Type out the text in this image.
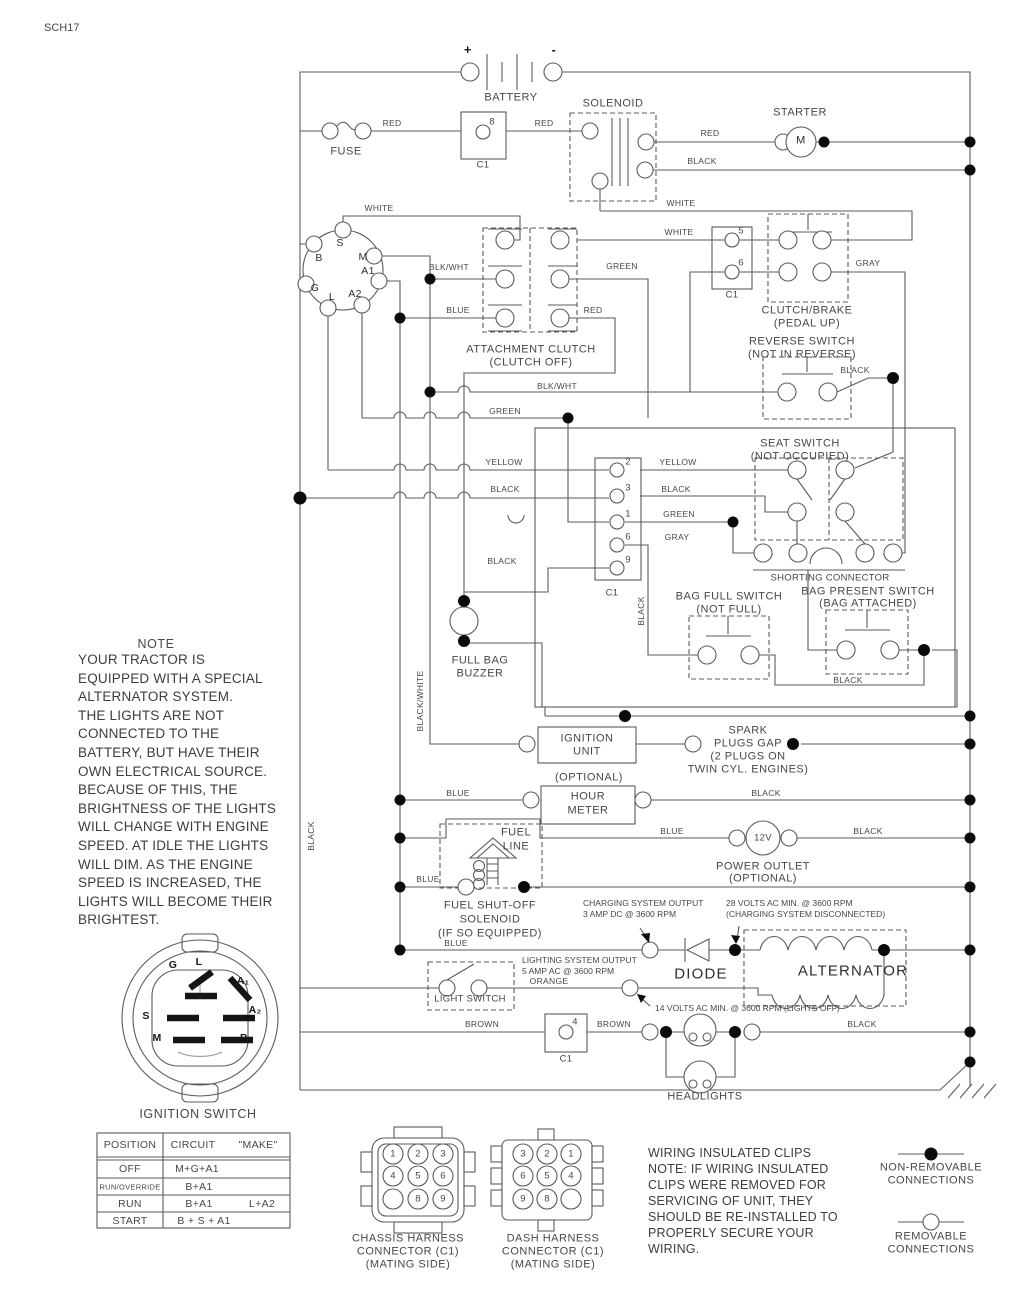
SCH17
+	-
BATTERY	SOLENOID
STARTER
M
FUSE
8
C1
RED	RED
RED
BLACK
WHITE	WHITE
WHITE
S
B	M
A1
G
L A2
BLK/WHT
BLUE
GREEN
RED
ATTACHMENT CLUTCH
(CLUTCH OFF)
5
6
C1
CLUTCH/BRAKE
(PEDAL UP)
GRAY
REVERSE SWITCH
(NOT IN REVERSE)
BLACK
BLK/WHT
GREEN
SEAT SWITCH
(NOT OCCUPIED)
YELLOW	YELLOW
BLACK	BLACK
GREEN
GRAY
2
3
1
6
9
C1
SHORTING CONNECTOR
BLACK
BLACK	BAG FULL SWITCH
(NOT FULL)
BAG PRESENT SWITCH
(BAG ATTACHED)
BLACK
FULL BAG
BUZZER
NOTE
YOUR TRACTOR IS
EQUIPPED WITH A SPECIAL
ALTERNATOR SYSTEM.
THE LIGHTS ARE NOT
CONNECTED TO THE
BATTERY, BUT HAVE THEIR
OWN ELECTRICAL SOURCE.
BECAUSE OF THIS, THE
BRIGHTNESS OF THE LIGHTS
WILL CHANGE WITH ENGINE
SPEED. AT IDLE THE LIGHTS
WILL DIM. AS THE ENGINE
SPEED IS INCREASED, THE
LIGHTS WILL BECOME THEIR
BRIGHTEST.
BLACK
BLACK/WHITE
IGNITION
UNIT
SPARK
PLUGS GAP
(2 PLUGS ON
TWIN CYL. ENGINES)
(OPTIONAL)
HOUR
METER
BLUE	BLACK
BLUE	BLACK
12V
POWER OUTLET
(OPTIONAL)
FUEL
LINE
BLUE
FUEL SHUT-OFF
SOLENOID
(IF SO EQUIPPED)
CHARGING SYSTEM OUTPUT
3 AMP DC @ 3600 RPM
28 VOLTS AC MIN. @ 3600 RPM
(CHARGING SYSTEM DISCONNECTED)
LIGHTING SYSTEM OUTPUT
5 AMP AC @ 3600 RPM
BLUE
DIODE	ALTERNATOR
14 VOLTS AC MIN. @ 3600 RPM (LIGHTS OFF)
LIGHT SWITCH
ORANGE
BROWN	4
C1
BROWN	BLACK
HEADLIGHTS
G L
A₁
A₂
S
M	B
IGNITION SWITCH
POSITION CIRCUIT "MAKE"
OFF	M+G+A1
RUN/OVERRIDE B+A1
RUN	B+A1	L+A2
START	B + S + A1
1 2 3
4 5 6
8 9
CHASSIS HARNESS
CONNECTOR (C1)
(MATING SIDE)
3 2 1
6 5 4
9 8
DASH HARNESS
CONNECTOR (C1)
(MATING SIDE)
WIRING INSULATED CLIPS
NOTE: IF WIRING INSULATED
CLIPS WERE REMOVED FOR
SERVICING OF UNIT, THEY
SHOULD BE RE-INSTALLED TO
PROPERLY SECURE YOUR
WIRING.
NON-REMOVABLE
CONNECTIONS
REMOVABLE
CONNECTIONS
